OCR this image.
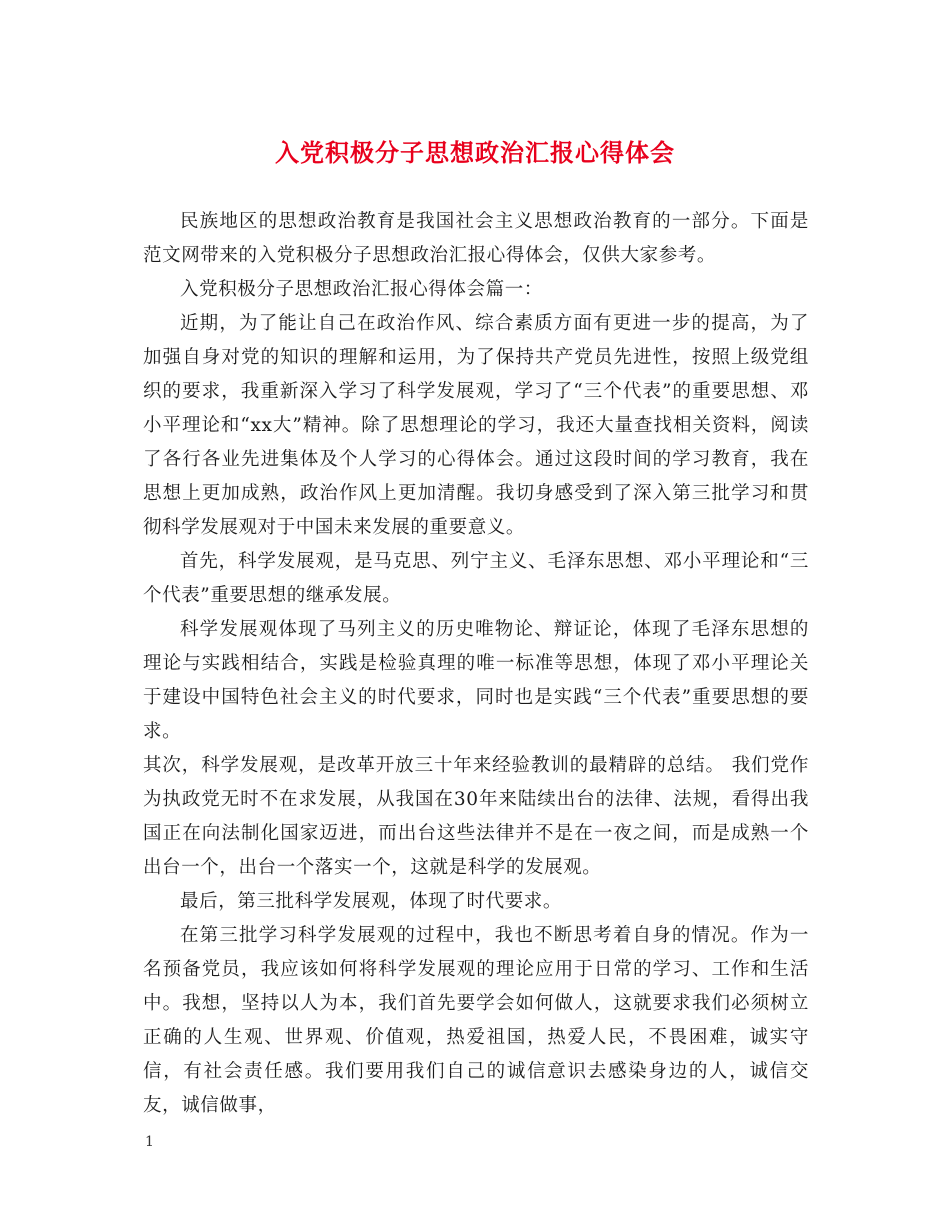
入党积极分子思想政治汇报心得体会

民族地区的思想政治教育是我国社会主义思想政治教育的一部分。下面是范文网带来的入党积极分子思想政治汇报心得体会，仅供大家参考。

入党积极分子思想政治汇报心得体会篇一：

近期，为了能让自己在政治作风、综合素质方面有更进一步的提高，为了加强自身对党的知识的理解和运用，为了保持共产党员先进性，按照上级党组织的要求，我重新深入学习了科学发展观，学习了“三个代表”的重要思想、邓小平理论和“xx大”精神。除了思想理论的学习，我还大量查找相关资料，阅读了各行各业先进集体及个人学习的心得体会。通过这段时间的学习教育，我在思想上更加成熟，政治作风上更加清醒。我切身感受到了深入第三批学习和贯彻科学发展观对于中国未来发展的重要意义。

首先，科学发展观，是马克思、列宁主义、毛泽东思想、邓小平理论和“三个代表”重要思想的继承发展。

科学发展观体现了马列主义的历史唯物论、辩证论，体现了毛泽东思想的理论与实践相结合，实践是检验真理的唯一标准等思想，体现了邓小平理论关于建设中国特色社会主义的时代要求，同时也是实践“三个代表”重要思想的要求。

其次，科学发展观，是改革开放三十年来经验教训的最精辟的总结。 我们党作为执政党无时不在求发展，从我国在30年来陆续出台的法律、法规，看得出我国正在向法制化国家迈进，而出台这些法律并不是在一夜之间，而是成熟一个出台一个，出台一个落实一个，这就是科学的发展观。

最后，第三批科学发展观，体现了时代要求。

在第三批学习科学发展观的过程中，我也不断思考着自身的情况。作为一名预备党员，我应该如何将科学发展观的理论应用于日常的学习、工作和生活中。我想，坚持以人为本，我们首先要学会如何做人，这就要求我们必须树立正确的人生观、世界观、价值观，热爱祖国，热爱人民，不畏困难，诚实守信，有社会责任感。我们要用我们自己的诚信意识去感染身边的人，诚信交友，诚信做事，

1
